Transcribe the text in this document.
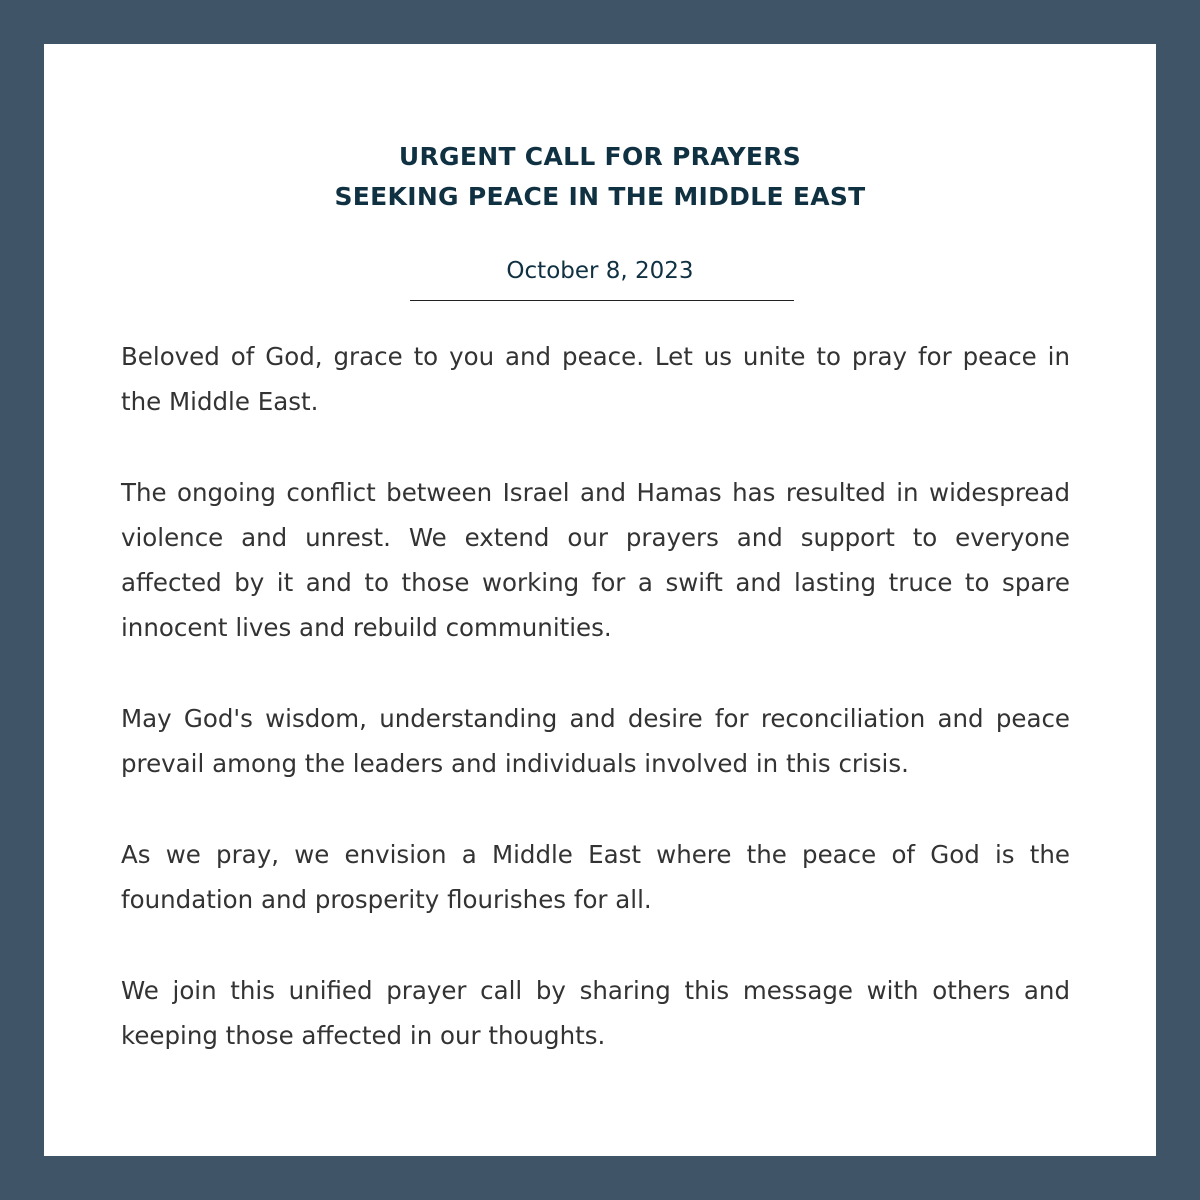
URGENT CALL FOR PRAYERS
SEEKING PEACE IN THE MIDDLE EAST
October 8, 2023

Beloved of God, grace to you and peace. Let us unite to pray for peace in the Middle East.

The ongoing conflict between Israel and Hamas has resulted in widespread violence and unrest. We extend our prayers and support to everyone affected by it and to those working for a swift and lasting truce to spare innocent lives and rebuild communities.

May God's wisdom, understanding and desire for reconciliation and peace prevail among the leaders and individuals involved in this crisis.

As we pray, we envision a Middle East where the peace of God is the foundation and prosperity flourishes for all.

We join this unified prayer call by sharing this message with others and keeping those affected in our thoughts.
